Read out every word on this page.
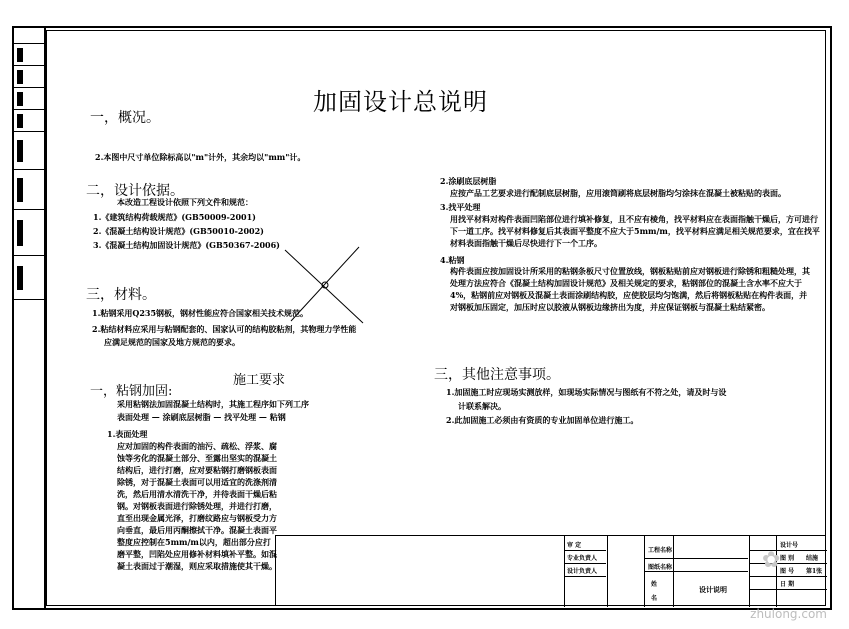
加固设计总说明
一，概况。
2.本图中尺寸单位除标高以"m"计外，其余均以"mm"计。
二，设计依据。
本改造工程设计依照下列文件和规范：
1.《建筑结构荷载规范》(GB50009-2001)
2.《混凝土结构设计规范》(GB50010-2002)
3.《混凝土结构加固设计规范》(GB50367-2006)
三，材料。
1.粘钢采用Q235钢板，钢材性能应符合国家相关技术规范。
2.粘结材料应采用与粘钢配套的、国家认可的结构胶粘剂，其物理力学性能
应满足规范的国家及地方规范的要求。
施工要求
一，粘钢加固:
采用粘钢法加固混凝土结构时，其施工程序如下列工序
表面处理 — 涂刷底层树脂 — 找平处理 — 粘钢
1.表面处理
应对加固的构件表面的油污、疏松、浮浆、腐蚀等劣化的混凝土部分、至露出坚实的混凝土结构后，进行打磨，应对要粘钢打磨钢板表面除锈，对于混凝土表面可以用适宜的洗涤剂清洗，然后用清水清洗干净，并待表面干燥后粘钢。对钢板表面进行除锈处理，并进行打磨，直至出现金属光泽，打磨纹路应与钢板受力方向垂直，最后用丙酮擦拭干净。混凝土表面平整度应控制在5mm/m以内，超出部分应打磨平整，凹陷处应用修补材料填补平整。如混凝土表面过于潮湿，则应采取措施使其干燥。
2.涂刷底层树脂
应按产品工艺要求进行配制底层树脂，应用滚筒刷将底层树脂均匀涂抹在混凝土被粘贴的表面。
3.找平处理
用找平材料对构件表面凹陷部位进行填补修复，且不应有棱角，找平材料应在表面指触干燥后，方可进行下一道工序。找平材料修复后其表面平整度不应大于5mm/m，找平材料应满足相关规范要求，宜在找平材料表面指触干燥后尽快进行下一个工序。
4.粘钢
构件表面应按加固设计所采用的粘钢条板尺寸位置放线，钢板粘贴前应对钢板进行除锈和粗糙处理，其处理方法应符合《混凝土结构加固设计规范》及相关规定的要求，粘钢部位的混凝土含水率不应大于4%，粘钢前应对钢板及混凝土表面涂刷结构胶，应使胶层均匀饱满，然后将钢板粘贴在构件表面，并对钢板加压固定，加压时应以胶液从钢板边缘挤出为度，并应保证钢板与混凝土粘结紧密。
三，其他注意事项。
1.加固施工时应现场实测放样，如现场实际情况与图纸有不符之处，请及时与设
计联系解决。
2.此加固施工必须由有资质的专业加固单位进行施工。
审 定
专业负责人
设计负责人
工程名称
图纸名称
姓
名
设计说明
设计号
图 别
图 号
日 期
结施
第1张
✿
zhulong.com
